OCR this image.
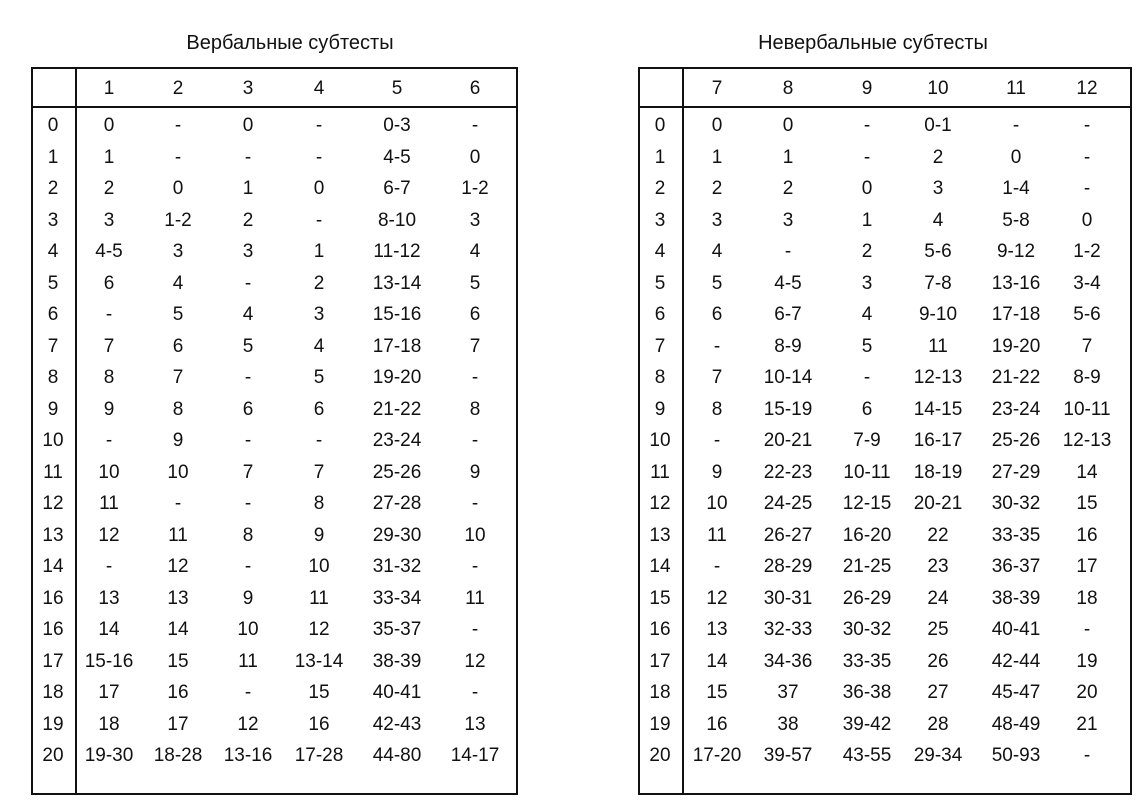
Вербальные субтесты	Невербальные субтесты
1	2	3	4	5	6
0	0	-	0	-	0-3	-
1	1	-	-	-	4-5	0
2	2	0	1	0	6-7	1-2
3	3	1-2	2	-	8-10	3
4	4-5	3	3	1	11-12	4
5	6	4	-	2	13-14	5
6	-	5	4	3	15-16	6
7	7	6	5	4	17-18	7
8	8	7	-	5	19-20	-
9	9	8	6	6	21-22	8
10	-	9	-	-	23-24	-
11	10	10	7	7	25-26	9
12	11	-	-	8	27-28	-
13	12	11	8	9	29-30	10
14	-	12	-	10	31-32	-
16	13	13	9	11	33-34	11
16	14	14	10	12	35-37	-
17	15-16	15	11	13-14	38-39	12
18	17	16	-	15	40-41	-
19	18	17	12	16	42-43	13
20	19-30	18-28	13-16	17-28	44-80	14-17
7	8	9	10	11	12
0	0	0	-	0-1	-	-
1	1	1	-	2	0	-
2	2	2	0	3	1-4	-
3	3	3	1	4	5-8	0
4	4	-	2	5-6	9-12	1-2
5	5	4-5	3	7-8	13-16	3-4
6	6	6-7	4	9-10	17-18	5-6
7	-	8-9	5	11	19-20	7
8	7	10-14	-	12-13	21-22	8-9
9	8	15-19	6	14-15	23-24	10-11
10	-	20-21	7-9	16-17	25-26	12-13
11	9	22-23	10-11	18-19	27-29	14
12	10	24-25	12-15	20-21	30-32	15
13	11	26-27	16-20	22	33-35	16
14	-	28-29	21-25	23	36-37	17
15	12	30-31	26-29	24	38-39	18
16	13	32-33	30-32	25	40-41	-
17	14	34-36	33-35	26	42-44	19
18	15	37	36-38	27	45-47	20
19	16	38	39-42	28	48-49	21
20	17-20	39-57	43-55	29-34	50-93	-
